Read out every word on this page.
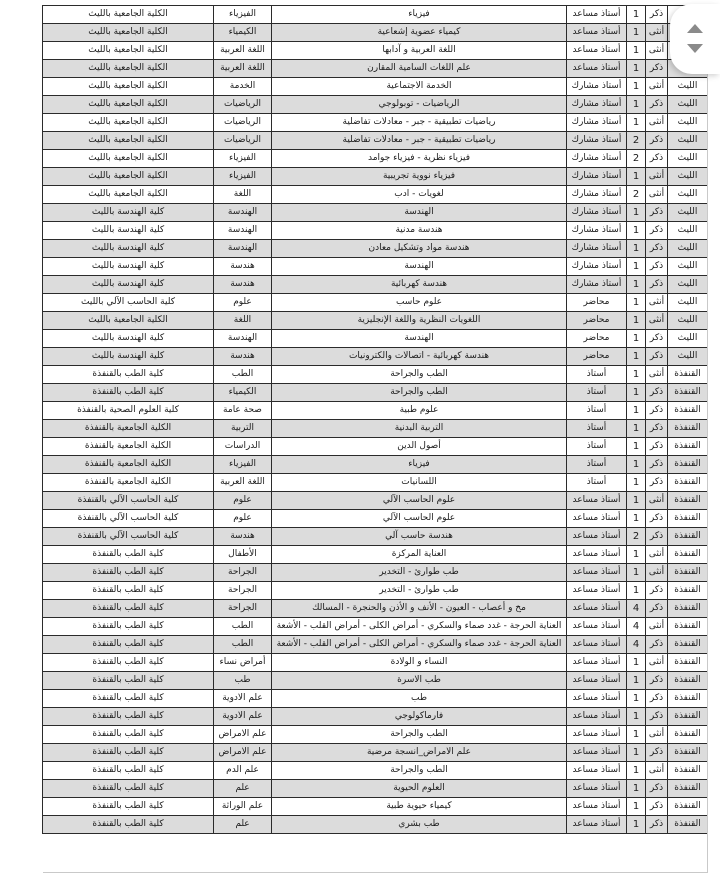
	ذكر	1	أستاذ مساعد	فيزياء	الفيزياء	الكلية الجامعية بالليث
	أنثى	1	أستاذ مساعد	كيمياء عضوية إشعاعية	الكيمياء	الكلية الجامعية بالليث
	أنثى	1	أستاذ مساعد	اللغة العربية و آدابها	اللغة العربية	الكلية الجامعية بالليث
	ذكر	1	أستاذ مساعد	علم اللغات السامية المقارن	اللغة العربية	الكلية الجامعية بالليث
الليث	أنثى	1	أستاذ مشارك	الخدمة الاجتماعية	الخدمة	الكلية الجامعية بالليث
الليث	ذكر	1	أستاذ مشارك	الرياضيات - توبولوجي	الرياضيات	الكلية الجامعية بالليث
الليث	أنثى	1	أستاذ مشارك	رياضيات تطبيقية - جبر - معادلات تفاضلية	الرياضيات	الكلية الجامعية بالليث
الليث	ذكر	2	أستاذ مشارك	رياضيات تطبيقية - جبر - معادلات تفاضلية	الرياضيات	الكلية الجامعية بالليث
الليث	ذكر	2	أستاذ مشارك	فيزياء نظرية - فيزياء جوامد	الفيزياء	الكلية الجامعية بالليث
الليث	أنثى	1	أستاذ مشارك	فيزياء نووية تجريبية	الفيزياء	الكلية الجامعية بالليث
الليث	أنثى	2	أستاذ مشارك	لغويات - ادب	اللغة	الكلية الجامعية بالليث
الليث	ذكر	1	أستاذ مشارك	الهندسة	الهندسة	كلية الهندسة بالليث
الليث	ذكر	1	أستاذ مشارك	هندسة مدنية	الهندسة	كلية الهندسة بالليث
الليث	ذكر	1	أستاذ مشارك	هندسة مواد وتشكيل معادن	الهندسة	كلية الهندسة بالليث
الليث	ذكر	1	أستاذ مشارك	الهندسة	هندسة	كلية الهندسة بالليث
الليث	ذكر	1	أستاذ مشارك	هندسة كهربائية	هندسة	كلية الهندسة بالليث
الليث	أنثى	1	محاضر	علوم حاسب	علوم	كلية الحاسب الآلي بالليث
الليث	أنثى	1	محاضر	اللغويات النظرية واللغة الإنجليزية	اللغة	الكلية الجامعية بالليث
الليث	ذكر	1	محاضر	الهندسة	الهندسة	كلية الهندسة بالليث
الليث	ذكر	1	محاضر	هندسة كهربائية - اتصالات والكترونيات	هندسة	كلية الهندسة بالليث
القنفذة	أنثى	1	أستاذ	الطب والجراحة	الطب	كلية الطب بالقنفذة
القنفذة	ذكر	1	أستاذ	الطب والجراحة	الكيمياء	كلية الطب بالقنفذة
القنفذة	ذكر	1	أستاذ	علوم طبية	صحة عامة	كلية العلوم الصحية بالقنفذة
القنفذة	ذكر	1	أستاذ	التربية البدنية	التربية	الكلية الجامعية بالقنفذة
القنفذة	ذكر	1	أستاذ	أصول الدين	الدراسات	الكلية الجامعية بالقنفذة
القنفذة	ذكر	1	أستاذ	فيزياء	الفيزياء	الكلية الجامعية بالقنفذة
القنفذة	ذكر	1	أستاذ	اللسانيات	اللغة العربية	الكلية الجامعية بالقنفذة
القنفذة	أنثى	1	أستاذ مساعد	علوم الحاسب الآلي	علوم	كلية الحاسب الآلي بالقنفذة
القنفذة	ذكر	1	أستاذ مساعد	علوم الحاسب الآلي	علوم	كلية الحاسب الآلي بالقنفذة
القنفذة	ذكر	2	أستاذ مساعد	هندسة حاسب آلي	هندسة	كلية الحاسب الآلي بالقنفذة
القنفذة	أنثى	1	أستاذ مساعد	العناية المركزة	الأطفال	كلية الطب بالقنفذة
القنفذة	أنثى	1	أستاذ مساعد	طب طوارئ - التخدير	الجراحة	كلية الطب بالقنفذة
القنفذة	ذكر	1	أستاذ مساعد	طب طوارئ - التخدير	الجراحة	كلية الطب بالقنفذة
القنفذة	ذكر	4	أستاذ مساعد	مخ و أعصاب - العيون - الأنف و الأذن والحنجرة - المسالك	الجراحة	كلية الطب بالقنفذة
القنفذة	أنثى	4	أستاذ مساعد	العناية الحرجة - غدد صماء والسكري - أمراض الكلى - أمراض القلب - الأشعة	الطب	كلية الطب بالقنفذة
القنفذة	ذكر	4	أستاذ مساعد	العناية الحرجة - غدد صماء والسكري - أمراض الكلى - أمراض القلب - الأشعة	الطب	كلية الطب بالقنفذة
القنفذة	أنثى	1	أستاذ مساعد	النساء و الولادة	أمراض نساء	كلية الطب بالقنفذة
القنفذة	ذكر	1	أستاذ مساعد	طب الاسرة	طب	كلية الطب بالقنفذة
القنفذة	ذكر	1	أستاذ مساعد	طب	علم الادوية	كلية الطب بالقنفذة
القنفذة	ذكر	1	أستاذ مساعد	فارماكولوجي	علم الادوية	كلية الطب بالقنفذة
القنفذة	أنثى	1	أستاذ مساعد	الطب والجراحة	علم الامراض	كلية الطب بالقنفذة
القنفذة	ذكر	1	أستاذ مساعد	علم الامراض_انسجة مرضية	علم الامراض	كلية الطب بالقنفذة
القنفذة	أنثى	1	أستاذ مساعد	الطب والجراحة	علم الدم	كلية الطب بالقنفذة
القنفذة	ذكر	1	أستاذ مساعد	العلوم الحيوية	علم	كلية الطب بالقنفذة
القنفذة	ذكر	1	أستاذ مساعد	كيمياء حيوية طبية	علم الوراثة	كلية الطب بالقنفذة
القنفذة	ذكر	1	أستاذ مساعد	طب بشري	علم	كلية الطب بالقنفذة
